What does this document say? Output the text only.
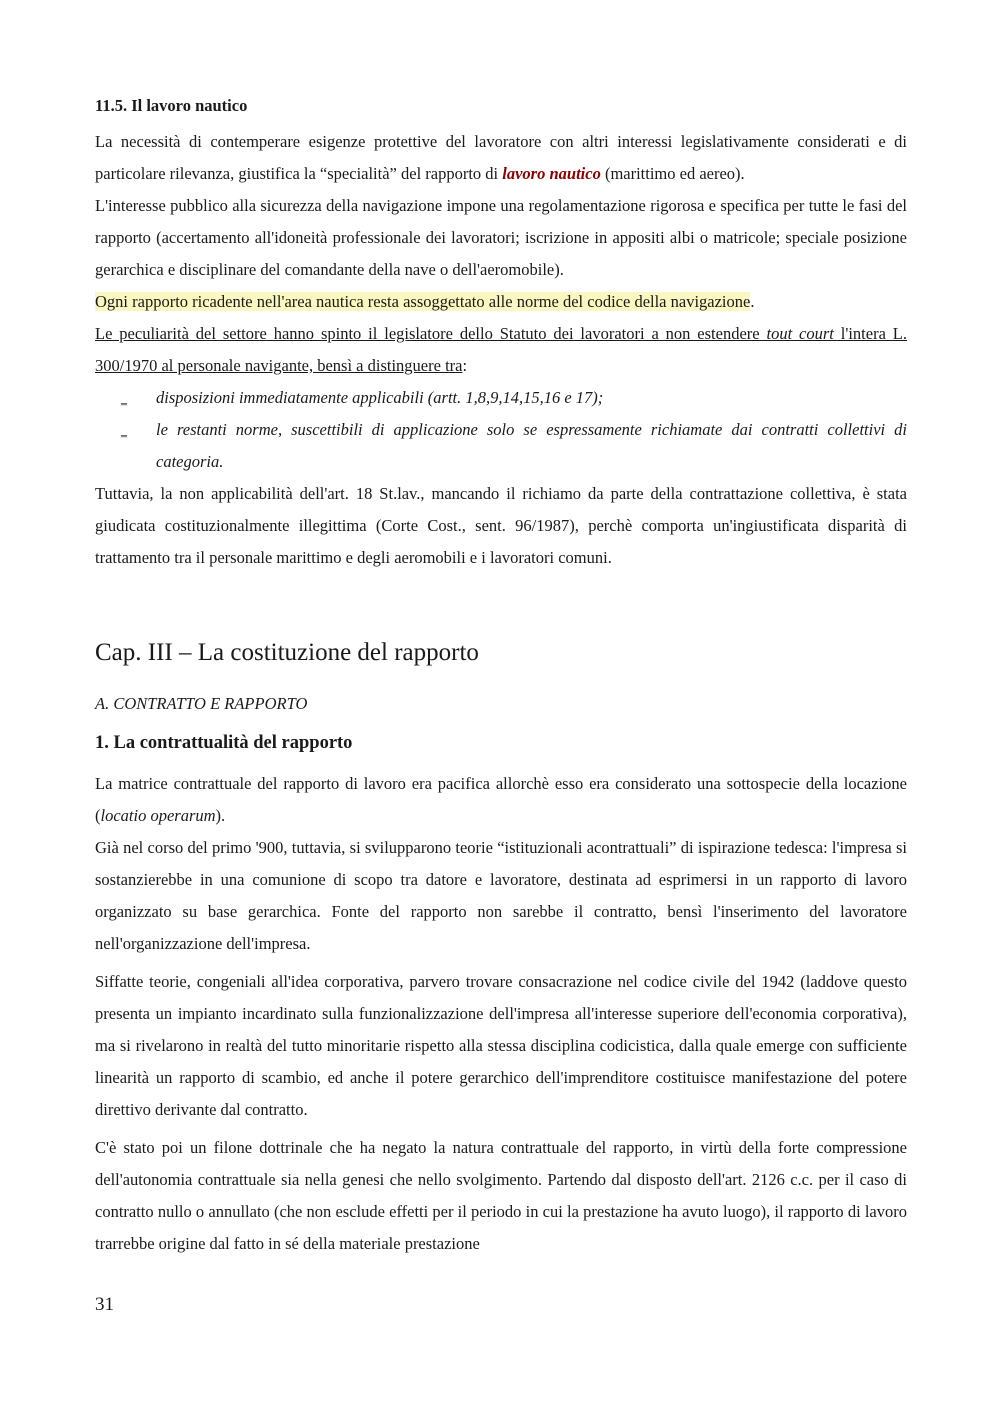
11.5. Il lavoro nautico

La necessità di contemperare esigenze protettive del lavoratore con altri interessi legislativamente considerati e di particolare rilevanza, giustifica la “specialità” del rapporto di lavoro nautico (marittimo ed aereo).

L'interesse pubblico alla sicurezza della navigazione impone una regolamentazione rigorosa e specifica per tutte le fasi del rapporto (accertamento all'idoneità professionale dei lavoratori; iscrizione in appositi albi o matricole; speciale posizione gerarchica e disciplinare del comandante della nave o dell'aeromobile).

Ogni rapporto ricadente nell'area nautica resta assoggettato alle norme del codice della navigazione.

Le peculiarità del settore hanno spinto il legislatore dello Statuto dei lavoratori a non estendere tout court l'intera L. 300/1970 al personale navigante, bensì a distinguere tra:

‗ disposizioni immediatamente applicabili (artt. 1,8,9,14,15,16 e 17);
‗ le restanti norme, suscettibili di applicazione solo se espressamente richiamate dai contratti collettivi di categoria.

Tuttavia, la non applicabilità dell'art. 18 St.lav., mancando il richiamo da parte della contrattazione collettiva, è stata giudicata costituzionalmente illegittima (Corte Cost., sent. 96/1987), perchè comporta un'ingiustificata disparità di trattamento tra il personale marittimo e degli aeromobili e i lavoratori comuni.

Cap. III – La costituzione del rapporto
A. CONTRATTO E RAPPORTO
1. La contrattualità del rapporto

La matrice contrattuale del rapporto di lavoro era pacifica allorchè esso era considerato una sottospecie della locazione (locatio operarum).

Già nel corso del primo '900, tuttavia, si svilupparono teorie “istituzionali acontrattuali” di ispirazione tedesca: l'impresa si sostanzierebbe in una comunione di scopo tra datore e lavoratore, destinata ad esprimersi in un rapporto di lavoro organizzato su base gerarchica. Fonte del rapporto non sarebbe il contratto, bensì l'inserimento del lavoratore nell'organizzazione dell'impresa.

Siffatte teorie, congeniali all'idea corporativa, parvero trovare consacrazione nel codice civile del 1942 (laddove questo presenta un impianto incardinato sulla funzionalizzazione dell'impresa all'interesse superiore dell'economia corporativa), ma si rivelarono in realtà del tutto minoritarie rispetto alla stessa disciplina codicistica, dalla quale emerge con sufficiente linearità un rapporto di scambio, ed anche il potere gerarchico dell'imprenditore costituisce manifestazione del potere direttivo derivante dal contratto.

C'è stato poi un filone dottrinale che ha negato la natura contrattuale del rapporto, in virtù della forte compressione dell'autonomia contrattuale sia nella genesi che nello svolgimento. Partendo dal disposto dell'art. 2126 c.c. per il caso di contratto nullo o annullato (che non esclude effetti per il periodo in cui la prestazione ha avuto luogo), il rapporto di lavoro trarrebbe origine dal fatto in sé della materiale prestazione

31
